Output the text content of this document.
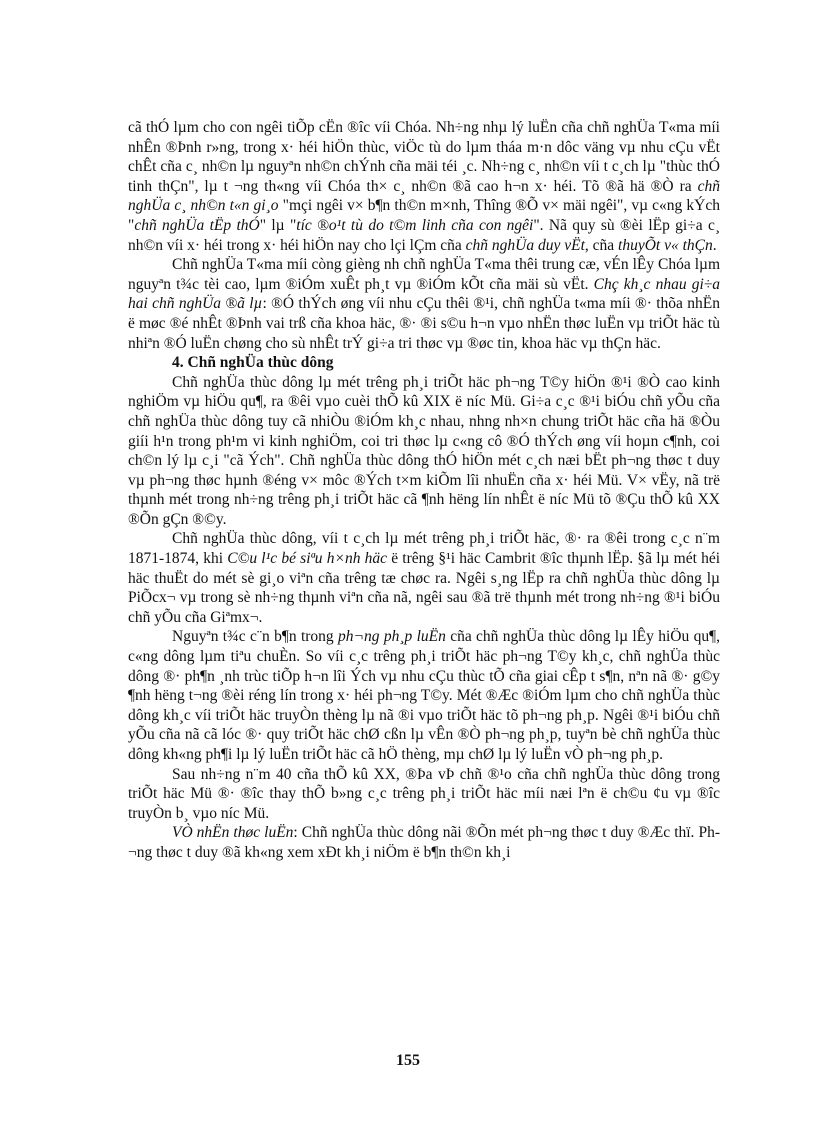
cã thÓ lµm cho con ngêi tiÕp cËn ®îc víi Chóa. Nh÷ng nhµ lý luËn cña chñ nghÜa T«ma míi nhÊn ®Þnh r»ng, trong x· héi hiÖn thùc, viÖc tù do lµm tháa m·n dôc väng vµ nhu cÇu vËt chÊt cña c¸ nh©n lµ nguyªn nh©n chÝnh cña mäi téi ¸c. Nh÷ng c¸ nh©n víi t c¸ch lµ "thùc thÓ tinh thÇn", lµ t ¬ng th«ng víi Chóa th× c¸ nh©n ®ã cao h¬n x· héi. Tõ ®ã hä ®Ò ra chñ nghÜa c¸ nh©n t«n gi¸o "mçi ngêi v× b¶n th©n m×nh, Thîng ®Õ v× mäi ngêi", vµ c«ng kÝch "chñ nghÜa tËp thÓ" lµ "tíc ®o¹t tù do t©m linh cña con ngêi". Nã quy sù ®èi lËp gi÷a c¸ nh©n víi x· héi trong x· héi hiÖn nay cho lçi lÇm cña chñ nghÜa duy vËt, cña thuyÕt v« thÇn.

Chñ nghÜa T«ma míi còng gièng nh chñ nghÜa T«ma thêi trung cæ, vÉn lÊy Chóa lµm nguyªn t¾c tèi cao, lµm ®iÓm xuÊt ph¸t vµ ®iÓm kÕt cña mäi sù vËt. Chç kh¸c nhau gi÷a hai chñ nghÜa ®ã lµ: ®Ó thÝch øng víi nhu cÇu thêi ®¹i, chñ nghÜa t«ma míi ®· thõa nhËn ë møc ®é nhÊt ®Þnh vai trß cña khoa häc, ®· ®i s©u h¬n vµo nhËn thøc luËn vµ triÕt häc tù nhiªn ®Ó luËn chøng cho sù nhÊt trÝ gi÷a tri thøc vµ ®øc tin, khoa häc vµ thÇn häc.

4. Chñ nghÜa thùc dông

Chñ nghÜa thùc dông lµ mét trêng ph¸i triÕt häc ph¬ng T©y hiÖn ®¹i ®Ò cao kinh nghiÖm vµ hiÖu qu¶, ra ®êi vµo cuèi thÕ kû XIX ë níc Mü. Gi÷a c¸c ®¹i biÓu chñ yÕu cña chñ nghÜa thùc dông tuy cã nhiÒu ®iÓm kh¸c nhau, nhng nh×n chung triÕt häc cña hä ®Òu giíi h¹n trong ph¹m vi kinh nghiÖm, coi tri thøc lµ c«ng cô ®Ó thÝch øng víi hoµn c¶nh, coi ch©n lý lµ c¸i "cã Ých". Chñ nghÜa thùc dông thÓ hiÖn mét c¸ch næi bËt ph¬ng thøc t duy vµ ph¬ng thøc hµnh ®éng v× môc ®Ých t×m kiÕm lîi nhuËn cña x· héi Mü. V× vËy, nã trë thµnh mét trong nh÷ng trêng ph¸i triÕt häc cã ¶nh hëng lín nhÊt ë níc Mü tõ ®Çu thÕ kû XX ®Õn gÇn ®©y.

Chñ nghÜa thùc dông, víi t c¸ch lµ mét trêng ph¸i triÕt häc, ®· ra ®êi trong c¸c n¨m 1871-1874, khi C©u l¹c bé siªu h×nh häc ë trêng §¹i häc Cambrit ®îc thµnh lËp. §ã lµ mét héi häc thuËt do mét sè gi¸o viªn cña trêng tæ chøc ra. Ngêi s¸ng lËp ra chñ nghÜa thùc dông lµ PiÕcx¬ vµ trong sè nh÷ng thµnh viªn cña nã, ngêi sau ®ã trë thµnh mét trong nh÷ng ®¹i biÓu chñ yÕu cña Giªmx¬.

Nguyªn t¾c c¨n b¶n trong ph¬ng ph¸p luËn cña chñ nghÜa thùc dông lµ lÊy hiÖu qu¶, c«ng dông lµm tiªu chuÈn. So víi c¸c trêng ph¸i triÕt häc ph¬ng T©y kh¸c, chñ nghÜa thùc dông ®· ph¶n ¸nh trùc tiÕp h¬n lîi Ých vµ nhu cÇu thùc tÕ cña giai cÊp t s¶n, nªn nã ®· g©y ¶nh hëng t¬ng ®èi réng lín trong x· héi ph¬ng T©y. Mét ®Æc ®iÓm lµm cho chñ nghÜa thùc dông kh¸c víi triÕt häc truyÒn thèng lµ nã ®i vµo triÕt häc tõ ph¬ng ph¸p. Ngêi ®¹i biÓu chñ yÕu cña nã cã lóc ®· quy triÕt häc chØ cßn lµ vÊn ®Ò ph¬ng ph¸p, tuyªn bè chñ nghÜa thùc dông kh«ng ph¶i lµ lý luËn triÕt häc cã hÖ thèng, mµ chØ lµ lý luËn vÒ ph¬ng ph¸p.

Sau nh÷ng n¨m 40 cña thÕ kû XX, ®Þa vÞ chñ ®¹o cña chñ nghÜa thùc dông trong triÕt häc Mü ®· ®îc thay thÕ b»ng c¸c trêng ph¸i triÕt häc míi næi lªn ë ch©u ¢u vµ ®îc truyÒn b¸ vµo níc Mü.

VÒ nhËn thøc luËn: Chñ nghÜa thùc dông nãi ®Õn mét ph¬ng thøc t duy ®Æc thï. Ph¬ng thøc t duy ®ã kh«ng xem xÐt kh¸i niÖm ë b¶n th©n kh¸i

155
